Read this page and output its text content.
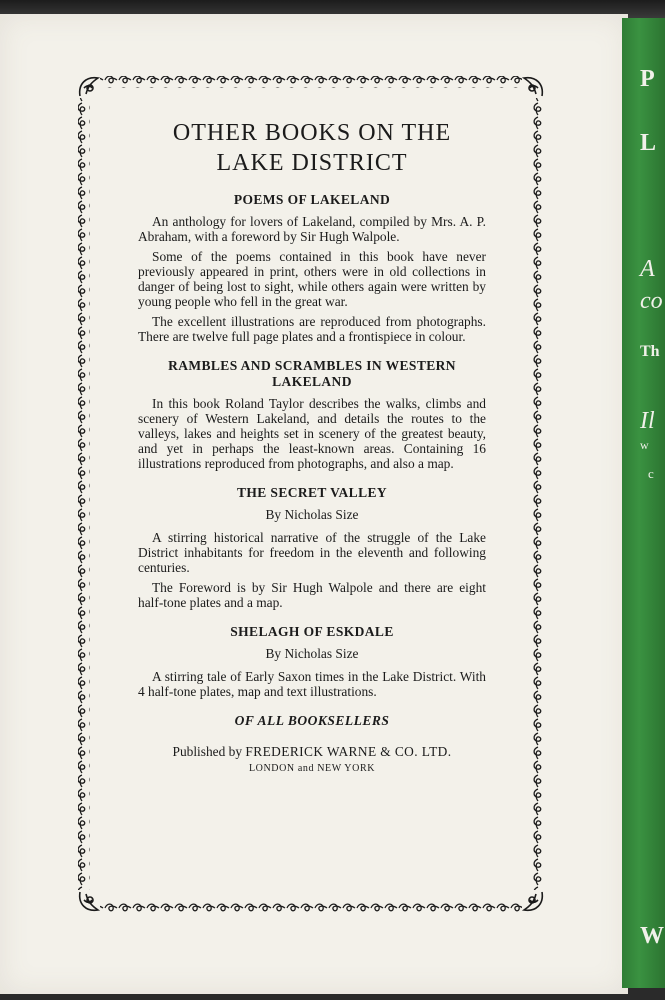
P
L
A
co
Th
Il
w
c
W
OTHER BOOKS ON THE
LAKE DISTRICT
POEMS OF LAKELAND

An anthology for lovers of Lakeland, compiled by Mrs. A. P. Abraham, with a foreword by Sir Hugh Walpole.

Some of the poems contained in this book have never previously appeared in print, others were in old collections in danger of being lost to sight, while others again were written by young people who fell in the great war.

The excellent illustrations are reproduced from photographs. There are twelve full page plates and a frontispiece in colour.

RAMBLES AND SCRAMBLES IN WESTERN LAKELAND

In this book Roland Taylor describes the walks, climbs and scenery of Western Lakeland, and details the routes to the valleys, lakes and heights set in scenery of the greatest beauty, and yet in perhaps the least-known areas. Containing 16 illustrations reproduced from photographs, and also a map.

THE SECRET VALLEY
By Nicholas Size

A stirring historical narrative of the struggle of the Lake District inhabitants for freedom in the eleventh and following centuries.

The Foreword is by Sir Hugh Walpole and there are eight half-tone plates and a map.

SHELAGH OF ESKDALE
By Nicholas Size

A stirring tale of Early Saxon times in the Lake District. With 4 half-tone plates, map and text illustrations.

OF ALL BOOKSELLERS

Published by FREDERICK WARNE & CO. LTD.

LONDON and NEW YORK
